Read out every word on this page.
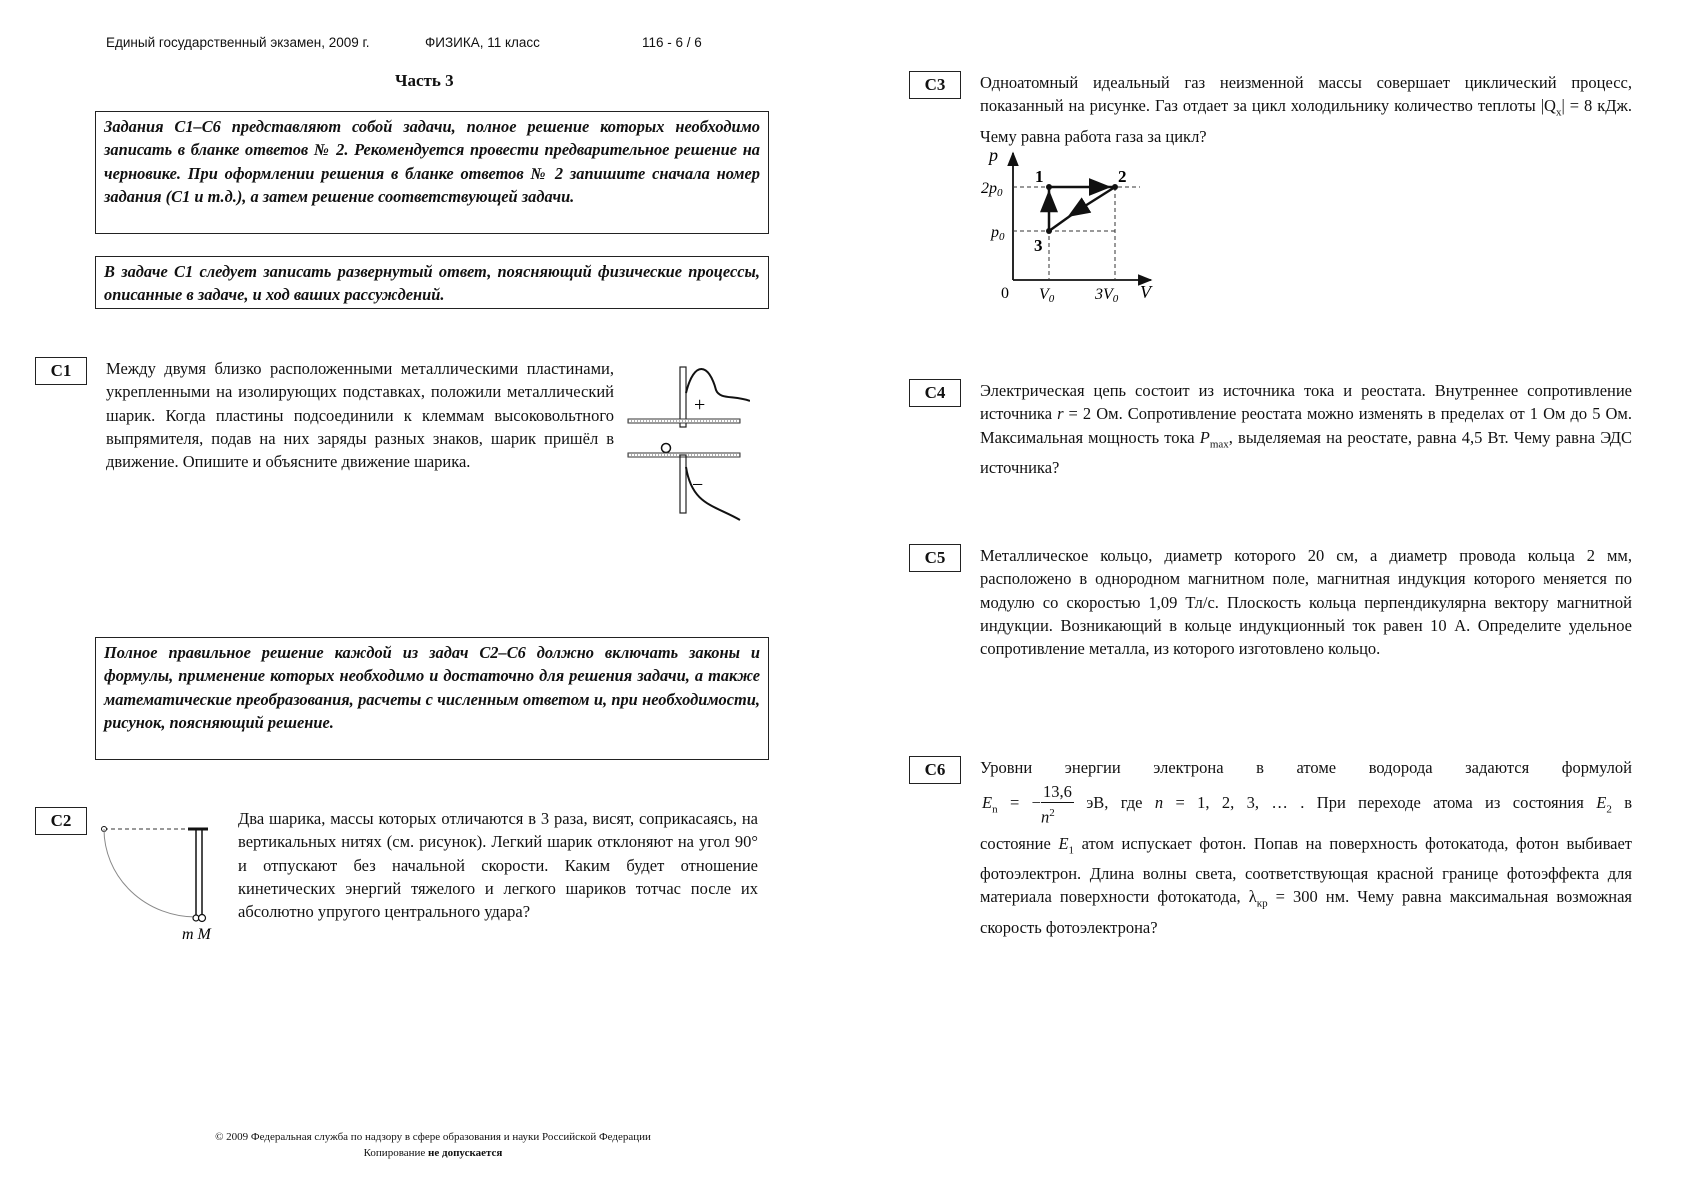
Единый государственный экзамен, 2009 г.	ФИЗИКА, 11 класс	116 - 6 / 6
Часть 3
Задания С1–С6 представляют собой задачи, полное решение которых необходимо записать в бланке ответов № 2. Рекомендуется провести предварительное решение на черновике. При оформлении решения в бланке ответов № 2 запишите сначала номер задания (С1 и т.д.), а затем решение соответствующей задачи.
В задаче С1 следует записать развернутый ответ, поясняющий физические процессы, описанные в задаче, и ход ваших рассуждений.
Полное правильное решение каждой из задач С2–С6 должно включать законы и формулы, применение которых необходимо и достаточно для решения задачи, а также математические преобразования, расчеты с численным ответом и, при необходимости, рисунок, поясняющий решение.
C1	Между двумя близко расположенными металлическими пластинами, укрепленными на изолирующих подставках, положили металлический шарик. Когда пластины подсоединили к клеммам высоковольтного выпрямителя, подав на них заряды разных знаков, шарик пришёл в движение. Опишите и объясните движение шарика.
+
−
C2
m M
Два шарика, массы которых отличаются в 3 раза, висят, соприкасаясь, на вертикальных нитях (см. рисунок). Легкий шарик отклоняют на угол 90° и отпускают без начальной скорости. Каким будет отношение кинетических энергий тяжелого и легкого шариков тотчас после их абсолютно упругого центрального удара?
C3	Одноатомный идеальный газ неизменной массы совершает циклический процесс, показанный на рисунке. Газ отдает за цикл холодильнику количество теплоты $|Q_х| = 8$ кДж. Чему равна работа газа за цикл?
p
V
0
2p0
p0
V0	3V0
1	2
3
C4	Электрическая цепь состоит из источника тока и реостата. Внутреннее сопротивление источника r = 2 Ом. Сопротивление реостата можно изменять в пределах от 1 Ом до 5 Ом. Максимальная мощность тока $P_{max}$, выделяемая на реостате, равна 4,5 Вт. Чему равна ЭДС источника?
C5	Металлическое кольцо, диаметр которого 20 см, а диаметр провода кольца 2 мм, расположено в однородном магнитном поле, магнитная индукция которого меняется по модулю со скоростью 1,09 Тл/с. Плоскость кольца перпендикулярна вектору магнитной индукции. Возникающий в кольце индукционный ток равен 10 А. Определите удельное сопротивление металла, из которого изготовлено кольцо.
C6	Уровни энергии электрона в атоме водорода задаются формулой

$E_n$ = − $\frac{13,6}{n^2}$ эВ, где n = 1, 2, 3, … . При переходе атома из состояния $E_2$ в

состояние $E_1$ атом испускает фотон. Попав на поверхность фотокатода, фотон выбивает фотоэлектрон. Длина волны света, соответствующая красной границе фотоэффекта для материала поверхности фотокатода, $\lambda_{кр} = 300$ нм. Чему равна максимальная возможная скорость фотоэлектрона?

© 2009 Федеральная служба по надзору в сфере образования и науки Российской Федерации
Копирование не допускается
